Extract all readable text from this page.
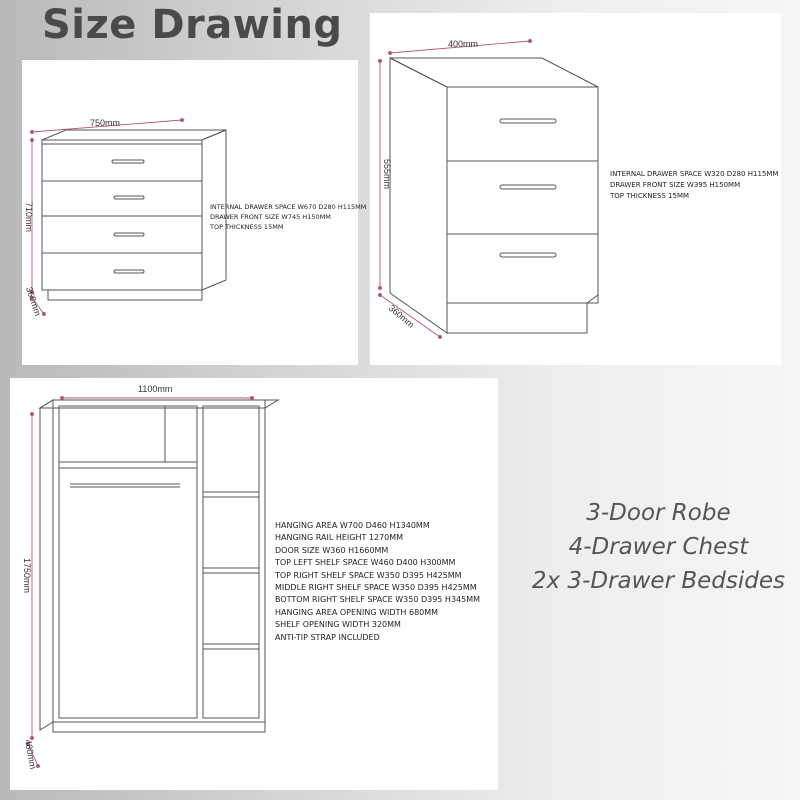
Size Drawing
750mm
710mm
360mm
INTERNAL DRAWER SPACE W670 D280 H115MM
DRAWER FRONT SIZE W745 H150MM
TOP THICKNESS 15MM
400mm
555mm
360mm
INTERNAL DRAWER SPACE W320 D280 H115MM
DRAWER FRONT SIZE W395 H150MM
TOP THICKNESS 15MM
1100mm
1750mm
480mm
HANGING AREA W700 D460 H1340MM
HANGING RAIL HEIGHT 1270MM
DOOR SIZE W360 H1660MM
TOP LEFT SHELF SPACE W460 D400 H300MM
TOP RIGHT SHELF SPACE W350 D395 H425MM
MIDDLE RIGHT SHELF SPACE W350 D395 H425MM
BOTTOM RIGHT SHELF SPACE W350 D395 H345MM
HANGING AREA OPENING WIDTH 680MM
SHELF OPENING WIDTH 320MM
ANTI-TIP STRAP INCLUDED
3-Door Robe
4-Drawer Chest
2x 3-Drawer Bedsides
